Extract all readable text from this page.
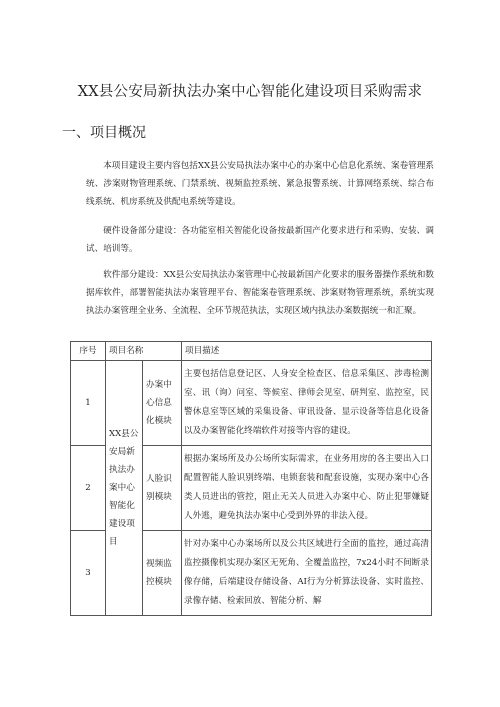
XX县公安局新执法办案中心智能化建设项目采购需求
一、项目概况
本项目建设主要内容包括XX县公安局执法办案中心的办案中心信息化系统、案卷管理系统、涉案财物管理系统、门禁系统、视频监控系统、紧急报警系统、计算网络系统、综合布线系统、机房系统及供配电系统等建设。
硬件设备部分建设：各功能室相关智能化设备按最新国产化要求进行和采购、安装、调试、培训等。
软件部分建设：XX县公安局执法办案管理中心按最新国产化要求的服务器操作系统和数据库软件，部署智能执法办案管理平台、智能案卷管理系统、涉案财物管理系统，系统实现执法办案管理全业务、全流程、全环节规范执法，实现区域内执法办案数据统一和汇聚。
序号	项目名称		项目描述
1	XX县公安局新执法办案中心智能化建设项目	办案中心信息化模块	主要包括信息登记区、人身安全检查区、信息采集区、涉毒检测室、讯（询）问室、等候室、律师会见室、研判室、监控室，民警休息室等区域的采集设备、审讯设备、显示设备等信息化设备以及办案智能化终端软件对接等内容的建设。
2		人脸识别模块	根据办案场所及办公场所实际需求，在业务用房的各主要出入口配置智能人脸识别终端、电锁套装和配套设施，实现办案中心各类人员进出的管控，阻止无关人员进入办案中心、防止犯罪嫌疑人外逃，避免执法办案中心受到外界的非法入侵。
3		视频监控模块	针对办案中心办案场所以及公共区域进行全面的监控，通过高清监控摄像机实现办案区无死角、全覆盖监控，7x24小时不间断录像存储，后端建设存储设备、AI行为分析算法设备、实时监控、录像存储、检索回放、智能分析、解
